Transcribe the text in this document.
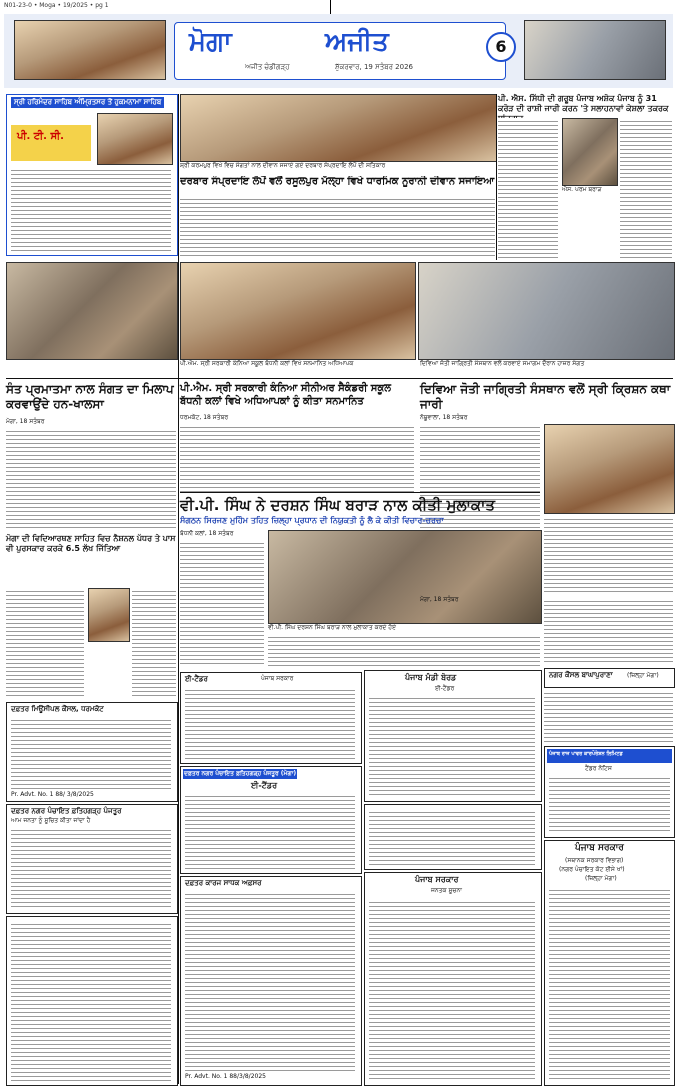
N01-23-0 • Moga • 19/2025 • pg 1
ਮੋਗਾ	ਅਜੀਤ
ਅਜੀਤ ਚੰਡੀਗੜ੍ਹ	ਸ਼ੁੱਕਰਵਾਰ, 19 ਸਤੰਬਰ 2026
6
ਸ੍ਰੀ ਹਰਿਮੰਦਰ ਸਾਹਿਬ ਅੰਮ੍ਰਿਤਸਰ ਤੋਂ ਹੁਕਮਨਾਮਾ ਸਾਹਿਬ
ਪੀ. ਟੀ. ਸੀ.
ਸ਼੍ਰੀ ਕਰਮਪੁਰ ਵਿਖੇ ਵਿਚ ਸੰਗਤਾਂ ਨਾਲ ਦੀਵਾਨ ਸਜਾਏ ਗਏ ਦਰਬਾਰ ਸੰਪ੍ਰਦਾਇ ਲੋਪੋਂ ਦੀ ਸਤਿਕਾਰ
ਪੀ. ਐਸ. ਸਿੱਧੀ ਦੀ ਗਰੂਬ ਪੰਜਾਬ ਅਸ਼ੋਕ ਪੰਜਾਬ ਨੂੰ 31 ਕਰੋੜ ਦੀ ਰਾਸ਼ੀ ਜਾਰੀ ਕਰਨ 'ਤੇ ਸਲਾਹਨਾਵਾਂ ਕੇਸ਼ਲਾ ਤਕਰਕ
ਐਸ. ਪਰਮ ਬਰਾੜ
ਦਰਬਾਰ ਸੰਪ੍ਰਦਾਇ ਲੋਪੋਂ ਵਲੋਂ ਰਸੂਲਪੁਰ ਮੱਲ੍ਹਾ ਵਿਖੇ ਧਾਰਮਿਕ ਨੂਰਾਨੀ ਦੀਵਾਨ ਸਜਾਇਆ
ਪੀ.ਐਮ. ਸ੍ਰੀ ਸਰਕਾਰੀ ਕੰਨਿਆ ਸਕੂਲ ਬੱਧਨੀ ਕਲਾਂ ਵਿਖੇ ਸਨਮਾਨਿਤ ਅਧਿਆਪਕ	ਦਿਵਿਆ ਜੋਤੀ ਜਾਗ੍ਰਿਤੀ ਸੰਸਥਾਨ ਵਲੋਂ ਕਰਵਾਏ ਸਮਾਗਮ ਦੌਰਾਨ ਹਾਜ਼ਰ ਸੰਗਤ
ਸੰਤ ਪ੍ਰਮਾਤਮਾ ਨਾਲ ਸੰਗਤ ਦਾ ਮਿਲਾਪ ਕਰਵਾਉਂਦੇ ਹਨ-ਖਾਲਸਾ
ਪੀ.ਐਮ. ਸ੍ਰੀ ਸਰਕਾਰੀ ਕੰਨਿਆ ਸੀਨੀਅਰ ਸੈਕੰਡਰੀ ਸਕੂਲ ਬੱਧਨੀ ਕਲਾਂ ਵਿਖੇ ਅਧਿਆਪਕਾਂ ਨੂੰ ਕੀਤਾ ਸਨਮਾਨਿਤ
ਦਿਵਿਆ ਜੋਤੀ ਜਾਗ੍ਰਿਤੀ ਸੰਸਥਾਨ ਵਲੋਂ ਸ੍ਰੀ ਕ੍ਰਿਸ਼ਨ ਕਥਾ ਜਾਰੀ
ਮੋਗਾ, 18 ਸਤੰਬਰ
ਧਰਮਕੋਟ, 18 ਸਤੰਬਰ	ਨੱਥੂਵਾਲਾ, 18 ਸਤੰਬਰ
ਵੀ.ਪੀ. ਸਿੰਘ ਨੇ ਦਰਸ਼ਨ ਸਿੰਘ ਬਰਾੜ ਨਾਲ ਕੀਤੀ ਮੁਲਾਕਾਤ
ਸੰਗਠਨ ਸਿਰਜਣ ਮੁਹਿੰਮ ਤਹਿਤ ਜ਼ਿਲ੍ਹਾ ਪ੍ਰਧਾਨ ਦੀ ਨਿਯੁਕਤੀ ਨੂੰ ਲੈ ਕੇ ਕੀਤੀ ਵਿਚਾਰ-ਚਰਚਾ
ਬੱਧਨੀ ਕਲਾਂ, 18 ਸਤੰਬਰ
ਵੀ.ਪੀ. ਸਿੰਘ ਦਰਸ਼ਨ ਸਿੰਘ ਬਰਾੜ ਨਾਲ ਮੁਲਾਕਾਤ ਕਰਦੇ ਹੋਏ
ਮੋਗਾ ਦੀ ਵਿਦਿਆਰਥਣ ਸਾਹਿਤ ਵਿਚ ਨੈਸ਼ਨਲ ਪੱਧਰ ਤੇ ਪਾਸ ਵੀ ਪੁਰਸਕਾਰ ਕਰਕੇ 6.5 ਲੱਖ ਜਿੱਤਿਆ
ਦਫ਼ਤਰ ਮਿਊਂਸੀਪਲ ਕੌਂਸਲ, ਧਰਮਕੋਟ
Pr. Advt. No. 1 88/ 3/8/2025
ਦਫ਼ਤਰ ਨਗਰ ਪੰਚਾਇਤ ਫ਼ਤਿਹਗੜ੍ਹ ਪੰਜਤੂਰ
ਆਮ ਜਨਤਾ ਨੂੰ ਸੂਚਿਤ ਕੀਤਾ ਜਾਂਦਾ ਹੈ
ਈ-ਟੈਂਡਰ	ਪੰਜਾਬ ਸਰਕਾਰ
ਦਫ਼ਤਰ ਨਗਰ ਪੰਚਾਇਤ ਫ਼ਤਿਹਗੜ੍ਹ ਪੰਜਤੂਰ (ਮੋਗਾ)
ਈ-ਟੈਂਡਰ
ਦਫ਼ਤਰ ਕਾਰਜ ਸਾਧਕ ਅਫ਼ਸਰ
Pr. Advt. No. 1 88/3/8/2025
ਪੰਜਾਬ ਮੰਡੀ ਬੋਰਡ
ਈ-ਟੈਂਡਰ
ਪੰਜਾਬ ਸਰਕਾਰ
ਜਨਤਕ ਸੂਚਨਾ
ਨਗਰ ਕੌਂਸਲ ਬਾਘਾਪੁਰਾਣਾ (ਜ਼ਿਲ੍ਹਾ ਮੋਗਾ)
ਪੰਜਾਬ ਰਾਜ ਪਾਵਰ ਕਾਰਪੋਰੇਸ਼ਨ ਲਿਮਿਟਡ
ਟੈਂਡਰ ਨੋਟਿਸ
ਪੰਜਾਬ ਸਰਕਾਰ
(ਸਥਾਨਕ ਸਰਕਾਰ ਵਿਭਾਗ)
(ਨਗਰ ਪੰਚਾਇਤ ਕੋਟ ਈਸੇ ਖਾਂ)
(ਜ਼ਿਲ੍ਹਾ ਮੋਗਾ)
ਮੋਗਾ, 18 ਸਤੰਬਰ
